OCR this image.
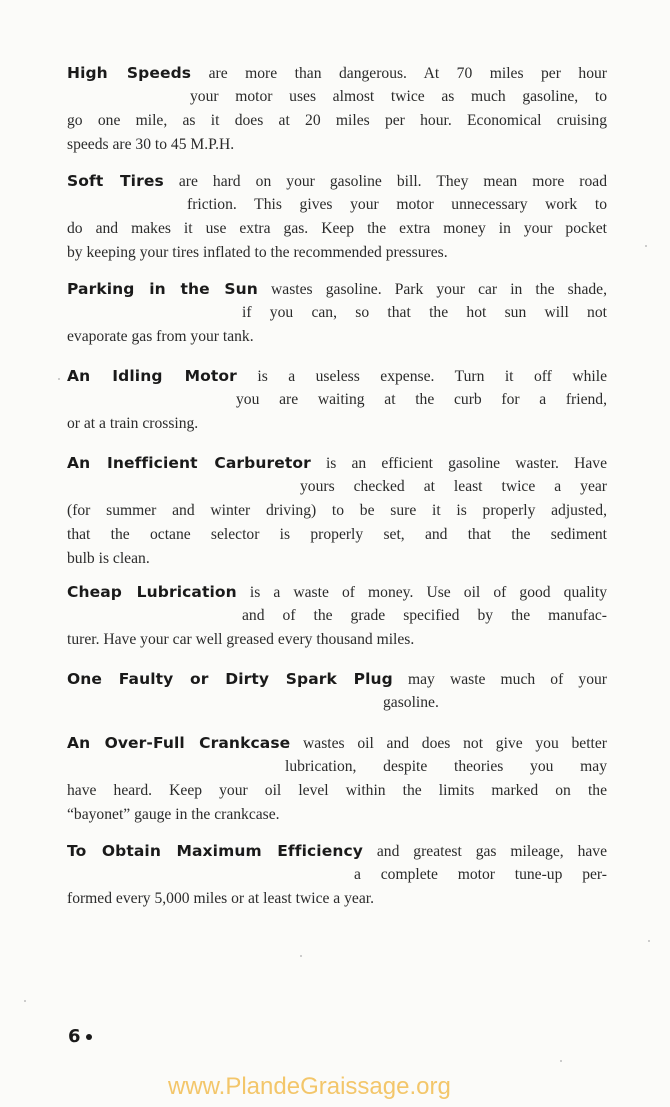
High Speeds are more than dangerous. At 70 miles per hour
your motor uses almost twice as much gasoline, to
go one mile, as it does at 20 miles per hour. Economical cruising
speeds are 30 to 45 M.P.H.
Soft Tires are hard on your gasoline bill. They mean more road
friction. This gives your motor unnecessary work to
do and makes it use extra gas. Keep the extra money in your pocket
by keeping your tires inflated to the recommended pressures.
Parking in the Sun wastes gasoline. Park your car in the shade,
if you can, so that the hot sun will not
evaporate gas from your tank.
An Idling Motor is a useless expense. Turn it off while
you are waiting at the curb for a friend,
or at a train crossing.
An Inefficient Carburetor is an efficient gasoline waster. Have
yours checked at least twice a year
(for summer and winter driving) to be sure it is properly adjusted,
that the octane selector is properly set, and that the sediment
bulb is clean.
Cheap Lubrication is a waste of money. Use oil of good quality
and of the grade specified by the manufac-
turer. Have your car well greased every thousand miles.
One Faulty or Dirty Spark Plug may waste much of your
gasoline.
An Over-Full Crankcase wastes oil and does not give you better
lubrication, despite theories you may
have heard. Keep your oil level within the limits marked on the
“bayonet” gauge in the crankcase.
To Obtain Maximum Efficiency and greatest gas mileage, have
a complete motor tune-up per-
formed every 5,000 miles or at least twice a year.
6
www.PlandeGraissage.org
